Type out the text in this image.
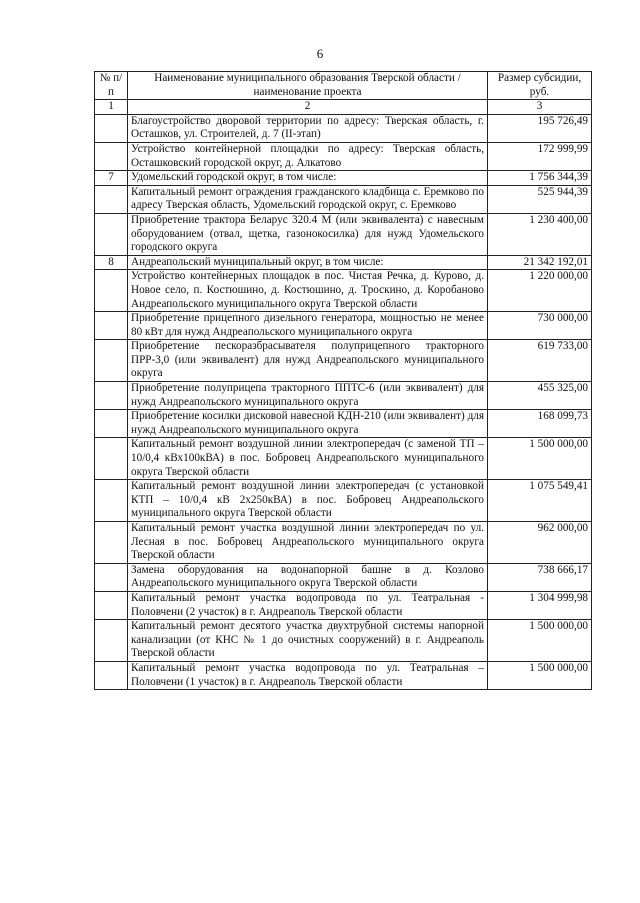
6
№ п/п	Наименование муниципального образования Тверской области / наименование проекта	Размер субсидии, руб.
1	2	3
	Благоустройство дворовой территории по адресу: Тверская область, г. Осташков, ул. Строителей, д. 7 (II-этап)	195 726,49
	Устройство контейнерной площадки по адресу: Тверская область, Осташковский городской округ, д. Алкатово	172 999,99
7	Удомельский городской округ, в том числе:	1 756 344,39
	Капитальный ремонт ограждения гражданского кладбища с. Еремково по адресу Тверская область, Удомельский городской округ, с. Еремково	525 944,39
	Приобретение трактора Беларус 320.4 М (или эквивалента) с навесным оборудованием (отвал, щетка, газонокосилка) для нужд Удомельского городского округа	1 230 400,00
8	Андреапольский муниципальный округ, в том числе:	21 342 192,01
	Устройство контейнерных площадок в пос. Чистая Речка, д. Куровo, д. Новое село, п. Костюшино, д. Костюшино, д. Троскино, д. Коробаново Андреапольского муниципального округа Тверской области	1 220 000,00
	Приобретение прицепного дизельного генератора, мощностью не менее 80 кВт для нужд Андреапольского муниципального округа	730 000,00
	Приобретение пескоразбрасывателя полуприцепного тракторного ПРР-3,0 (или эквивалент) для нужд Андреапольского муниципального округа	619 733,00
	Приобретение полуприцепа тракторного ППТС-6 (или эквивалент) для нужд Андреапольского муниципального округа	455 325,00
	Приобретение косилки дисковой навесной КДН-210 (или эквивалент) для нужд Андреапольского муниципального округа	168 099,73
	Капитальный ремонт воздушной линии электропередач (с заменой ТП – 10/0,4 кВх100кВА) в пос. Бобровец Андреапольского муниципального округа Тверской области	1 500 000,00
	Капитальный ремонт воздушной линии электропередач (с установкой КТП – 10/0,4 кВ 2х250кВА) в пос. Бобровец Андреапольского муниципального округа Тверской области	1 075 549,41
	Капитальный ремонт участка воздушной линии электропередач по ул. Лесная в пос. Бобровец Андреапольского муниципального округа Тверской области	962 000,00
	Замена оборудования на водонапорной башне в д. Козлово Андреапольского муниципального округа Тверской области	738 666,17
	Капитальный ремонт участка водопровода по ул. Театральная - Половчени (2 участок) в г. Андреаполь Тверской области	1 304 999,98
	Капитальный ремонт десятого участка двухтрубной системы напорной канализации (от КНС № 1 до очистных сооружений) в г. Андреаполь Тверской области	1 500 000,00
	Капитальный ремонт участка водопровода по ул. Театральная – Половчени (1 участок) в г. Андреаполь Тверской области	1 500 000,00
